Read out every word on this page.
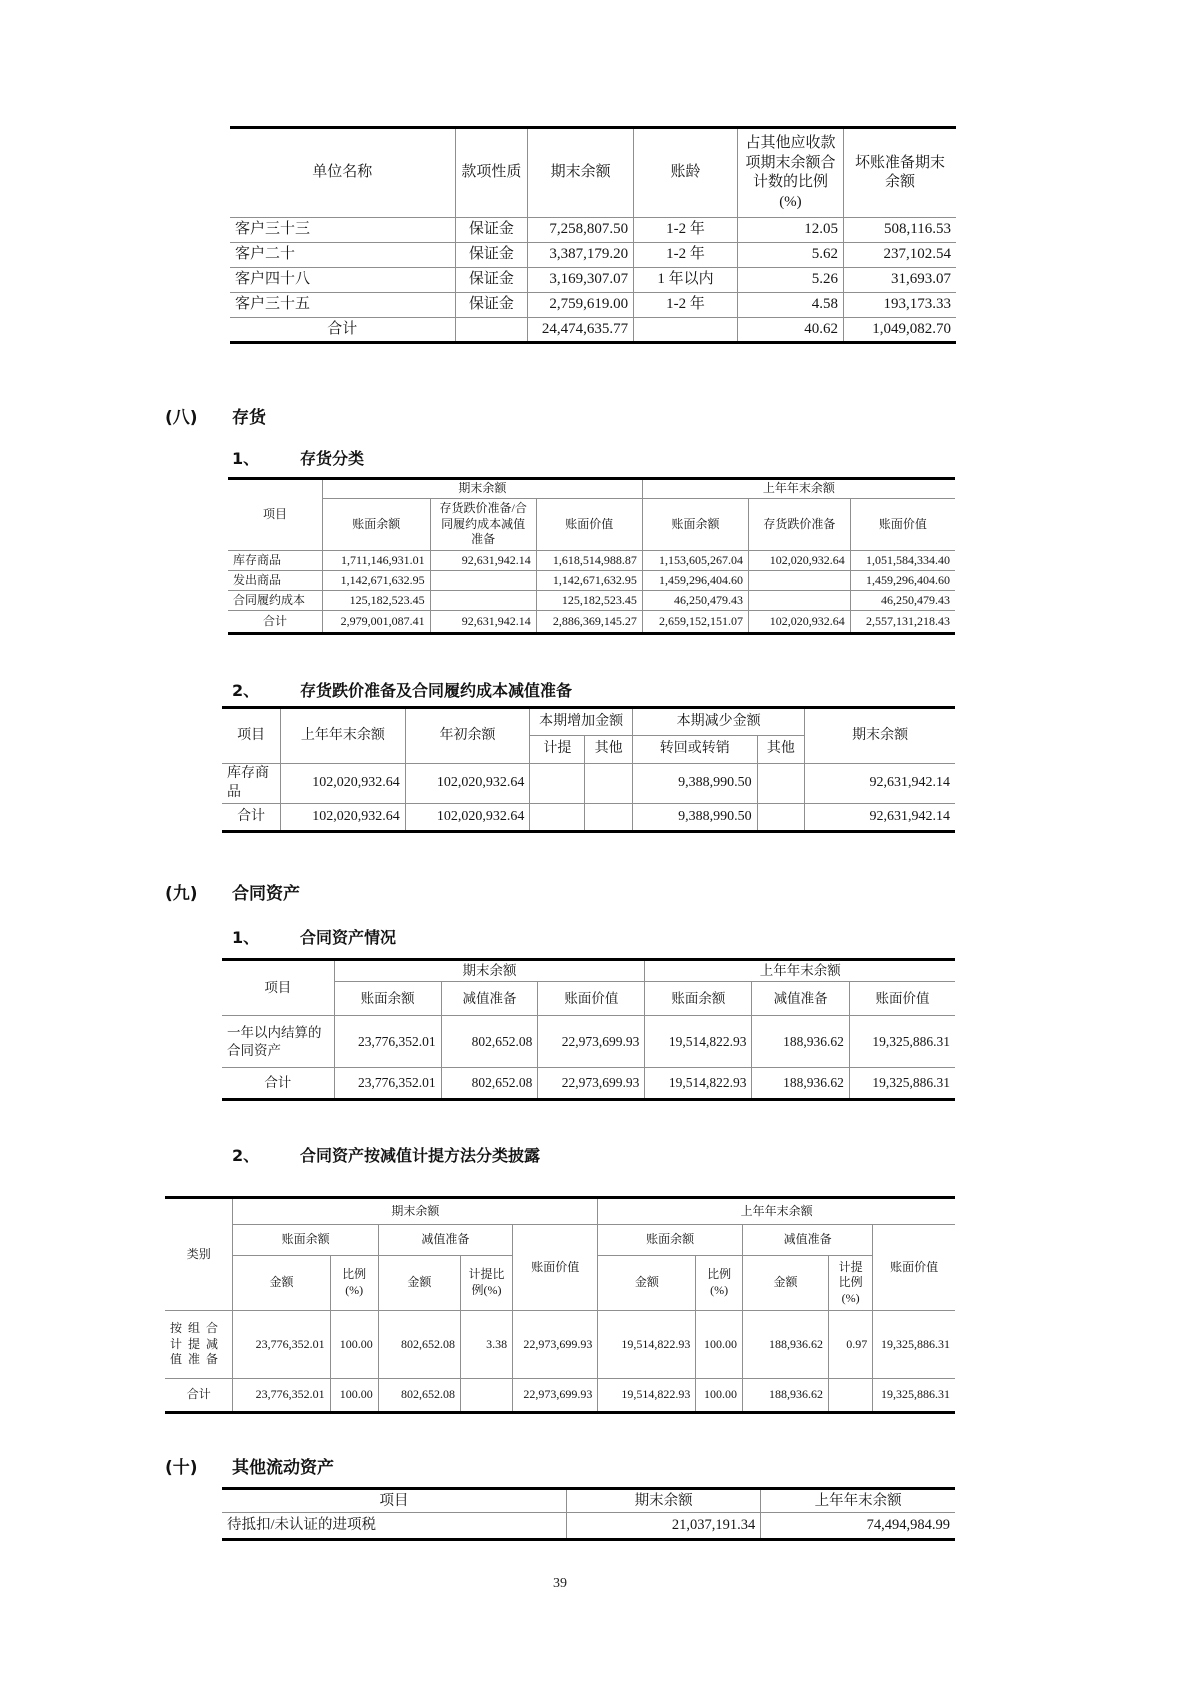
单位名称	款项性质	期末余额	账龄	占其他应收款项期末余额合计数的比例(%)	坏账准备期末余额
客户三十三	保证金	7,258,807.50	1-2 年	12.05	508,116.53
客户二十	保证金	3,387,179.20	1-2 年	5.62	237,102.54
客户四十八	保证金	3,169,307.07	1 年以内	5.26	31,693.07
客户三十五	保证金	2,759,619.00	1-2 年	4.58	193,173.33
合计		24,474,635.77		40.62	1,049,082.70
(八) 存货
1、	存货分类
项目	期末余额			上年年末余额		
	账面余额	存货跌价准备/合同履约成本减值准备	账面价值	账面余额	存货跌价准备	账面价值
库存商品	1,711,146,931.01	92,631,942.14	1,618,514,988.87	1,153,605,267.04	102,020,932.64	1,051,584,334.40
发出商品	1,142,671,632.95		1,142,671,632.95	1,459,296,404.60		1,459,296,404.60
合同履约成本	125,182,523.45		125,182,523.45	46,250,479.43		46,250,479.43
合计	2,979,001,087.41	92,631,942.14	2,886,369,145.27	2,659,152,151.07	102,020,932.64	2,557,131,218.43
2、	存货跌价准备及合同履约成本减值准备
项目	上年年末余额	年初余额	本期增加金额		本期减少金额		期末余额
			计提	其他	转回或转销	其他	
库存商品	102,020,932.64	102,020,932.64			9,388,990.50		92,631,942.14
合计	102,020,932.64	102,020,932.64			9,388,990.50		92,631,942.14
(九) 合同资产
1、	合同资产情况
项目	期末余额			上年年末余额		
	账面余额	减值准备	账面价值	账面余额	减值准备	账面价值
一年以内结算的合同资产	23,776,352.01	802,652.08	22,973,699.93	19,514,822.93	188,936.62	19,325,886.31
合计	23,776,352.01	802,652.08	22,973,699.93	19,514,822.93	188,936.62	19,325,886.31
2、	合同资产按减值计提方法分类披露
类别	期末余额					上年年末余额				
	账面余额		减值准备		账面价值	账面余额		减值准备		账面价值
	金额	比例(%)	金额	计提比例(%)		金额	比例(%)	金额	计提比例(%)	
按组合计提减值准备	23,776,352.01	100.00	802,652.08	3.38	22,973,699.93	19,514,822.93	100.00	188,936.62	0.97	19,325,886.31
合计	23,776,352.01	100.00	802,652.08		22,973,699.93	19,514,822.93	100.00	188,936.62		19,325,886.31
(十) 其他流动资产
项目	期末余额	上年年末余额
待抵扣/未认证的进项税	21,037,191.34	74,494,984.99
39
